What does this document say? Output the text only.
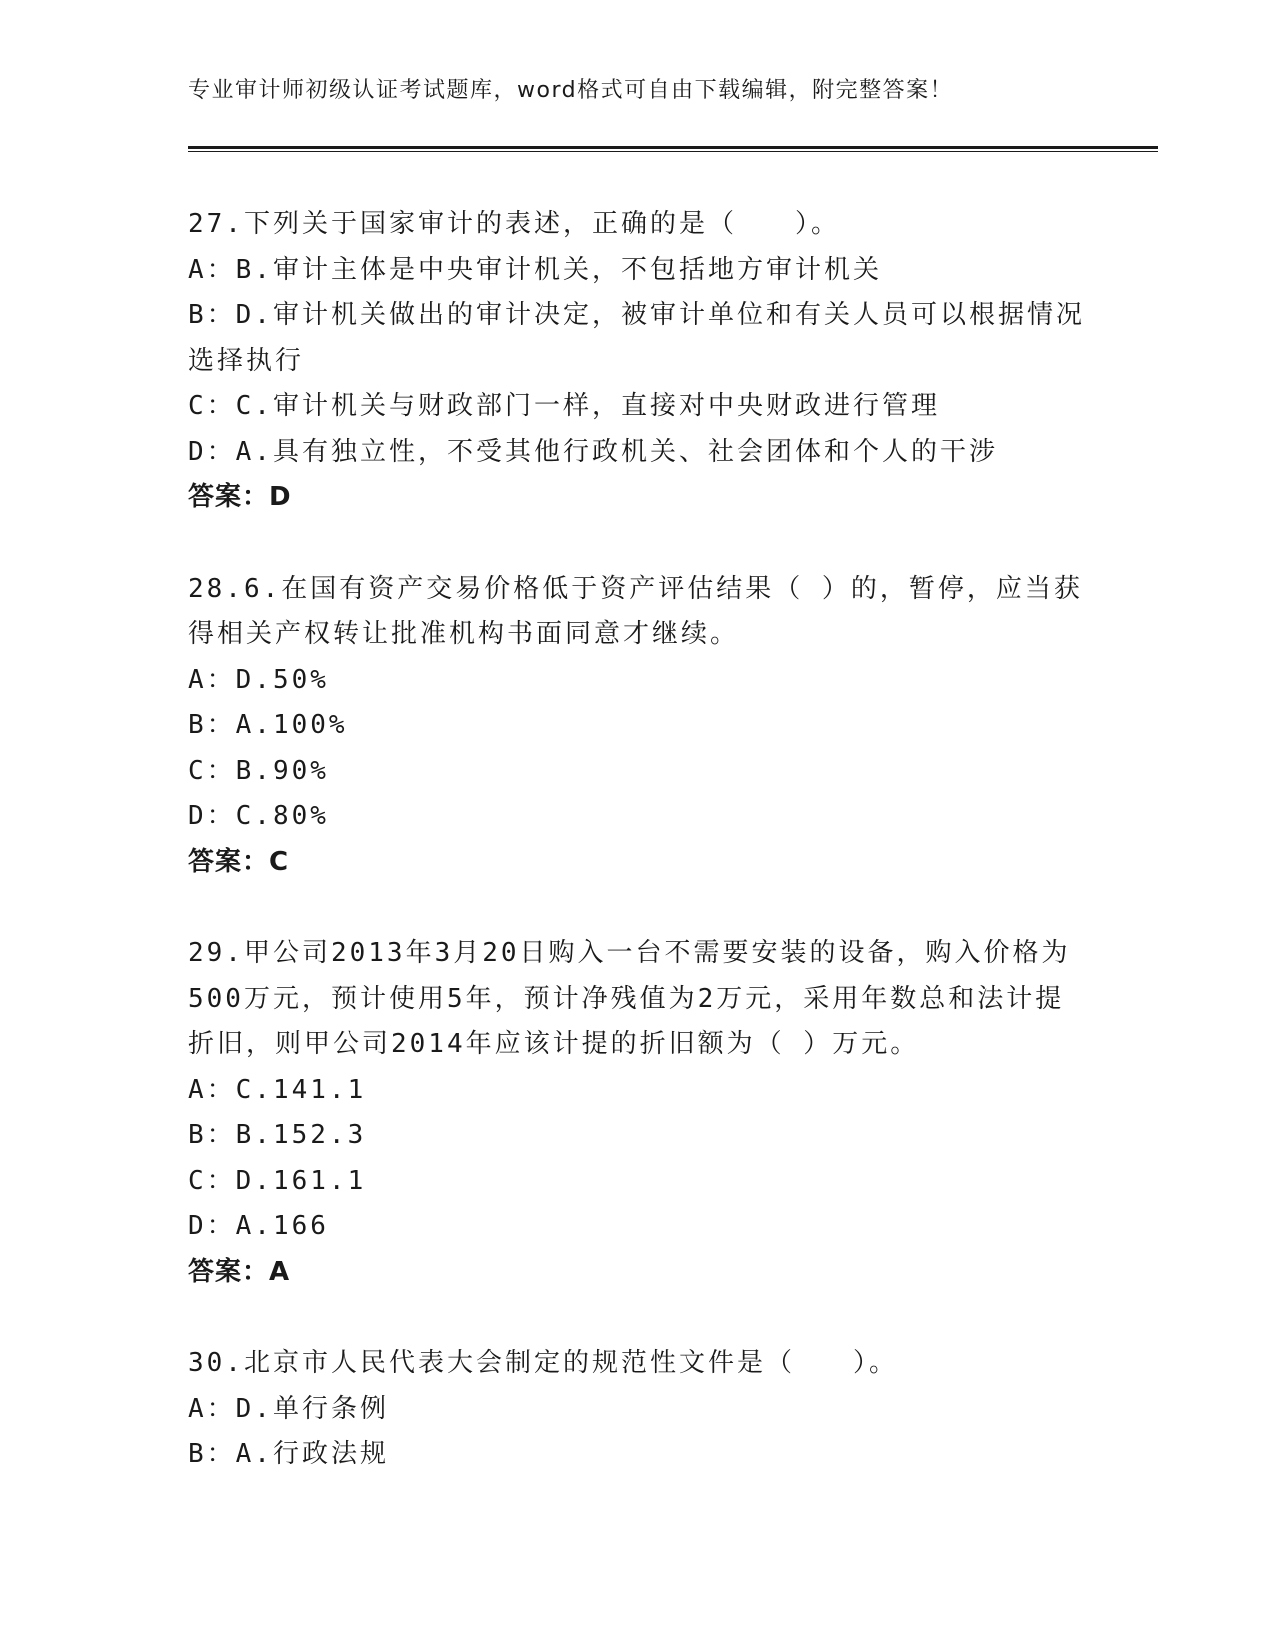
专业审计师初级认证考试题库，word格式可自由下载编辑，附完整答案！
27.下列关于国家审计的表述，正确的是（　　）。
A：B.审计主体是中央审计机关，不包括地方审计机关
B：D.审计机关做出的审计决定，被审计单位和有关人员可以根据情况选择执行
C：C.审计机关与财政部门一样，直接对中央财政进行管理
D：A.具有独立性，不受其他行政机关、社会团体和个人的干涉
答案：D
28.6.在国有资产交易价格低于资产评估结果（ ）的，暂停，应当获得相关产权转让批准机构书面同意才继续。
A：D.50%
B：A.100%
C：B.90%
D：C.80%
答案：C
29.甲公司2013年3月20日购入一台不需要安装的设备，购入价格为500万元，预计使用5年，预计净残值为2万元，采用年数总和法计提折旧，则甲公司2014年应该计提的折旧额为（ ）万元。
A：C.141.1
B：B.152.3
C：D.161.1
D：A.166
答案：A
30.北京市人民代表大会制定的规范性文件是（　　）。
A：D.单行条例
B：A.行政法规
